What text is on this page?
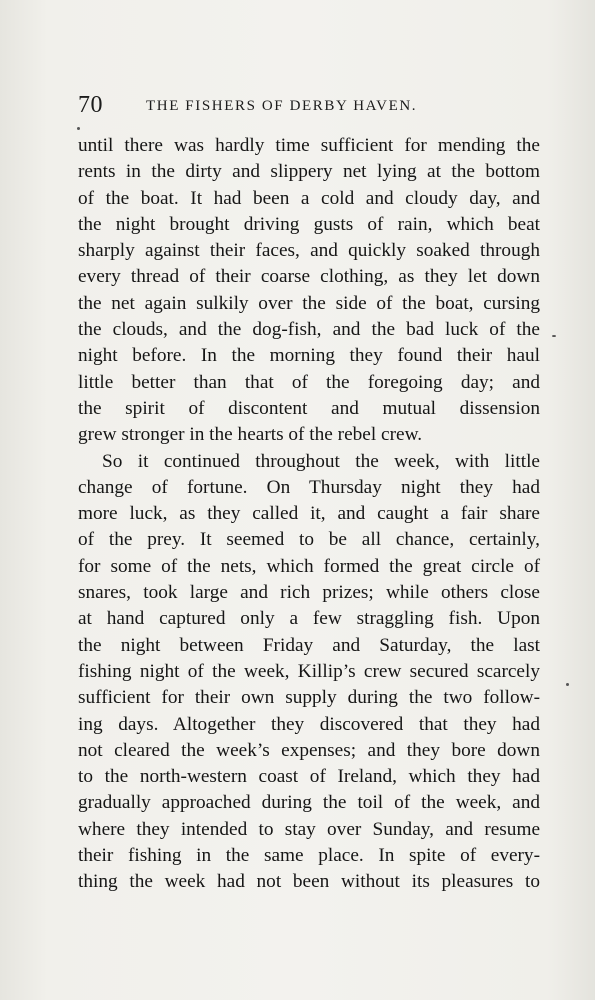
70	THE FISHERS OF DERBY HAVEN.
until there was hardly time sufficient for mending the
rents in the dirty and slippery net lying at the bottom
of the boat. It had been a cold and cloudy day, and
the night brought driving gusts of rain, which beat
sharply against their faces, and quickly soaked through
every thread of their coarse clothing, as they let down
the net again sulkily over the side of the boat, cursing
the clouds, and the dog-fish, and the bad luck of the
night before. In the morning they found their haul
little better than that of the foregoing day; and
the spirit of discontent and mutual dissension
grew stronger in the hearts of the rebel crew.
So it continued throughout the week, with little
change of fortune. On Thursday night they had
more luck, as they called it, and caught a fair share
of the prey. It seemed to be all chance, certainly,
for some of the nets, which formed the great circle of
snares, took large and rich prizes; while others close
at hand captured only a few straggling fish. Upon
the night between Friday and Saturday, the last
fishing night of the week, Killip’s crew secured scarcely
sufficient for their own supply during the two follow-
ing days. Altogether they discovered that they had
not cleared the week’s expenses; and they bore down
to the north-western coast of Ireland, which they had
gradually approached during the toil of the week, and
where they intended to stay over Sunday, and resume
their fishing in the same place. In spite of every-
thing the week had not been without its pleasures to
